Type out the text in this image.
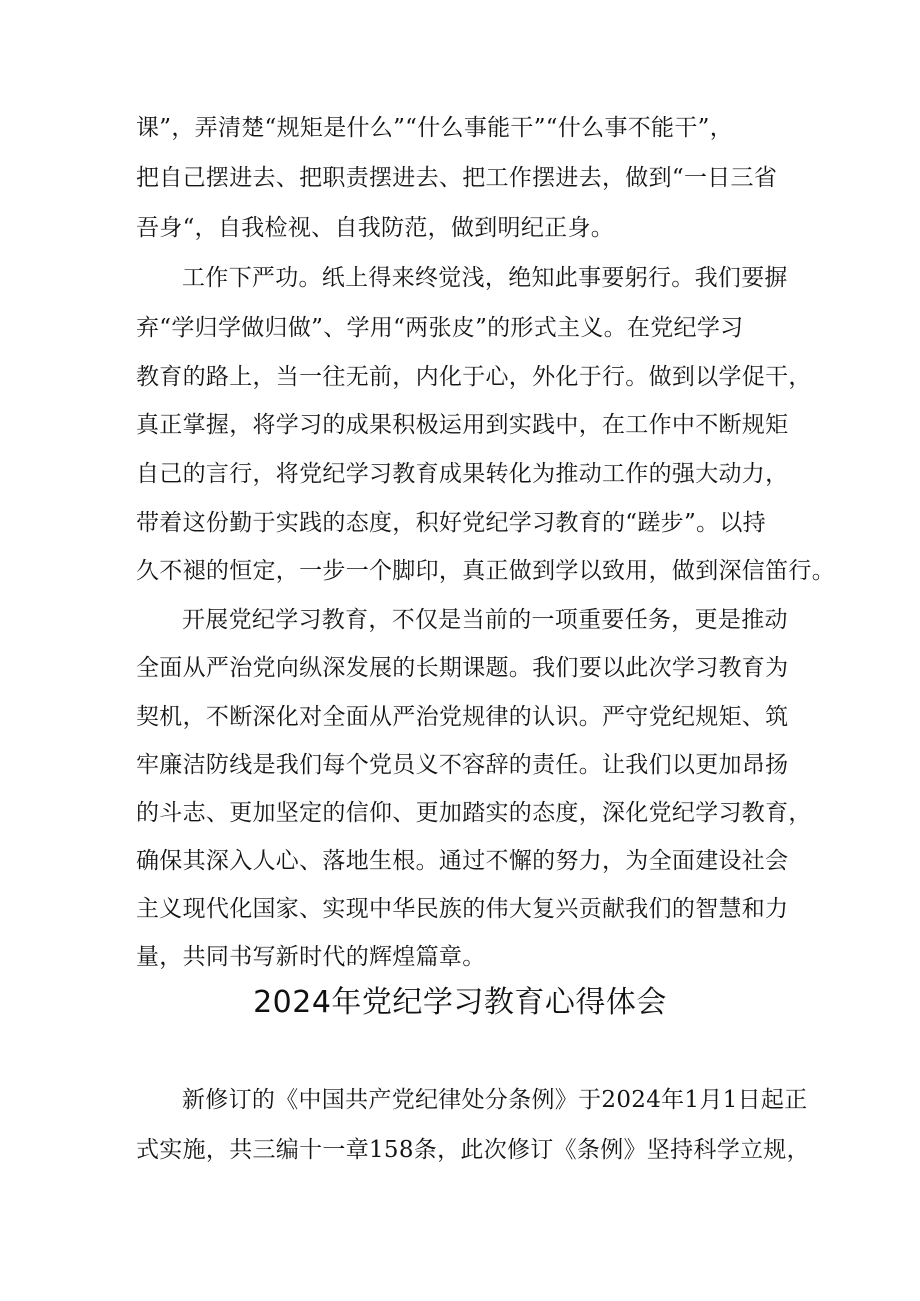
课”，弄清楚“规矩是什么”“什么事能干”“什么事不能干”，
把自己摆进去、把职责摆进去、把工作摆进去，做到“一日三省
吾身“，自我检视、自我防范，做到明纪正身。
工作下严功。纸上得来终觉浅，绝知此事要躬行。我们要摒
弃“学归学做归做”、学用“两张皮”的形式主义。在党纪学习
教育的路上，当一往无前，内化于心，外化于行。做到以学促干，
真正掌握，将学习的成果积极运用到实践中，在工作中不断规矩
自己的言行，将党纪学习教育成果转化为推动工作的强大动力，
带着这份勤于实践的态度，积好党纪学习教育的“蹉步”。以持
久不褪的恒定，一步一个脚印，真正做到学以致用，做到深信笛行。
开展党纪学习教育，不仅是当前的一项重要任务，更是推动
全面从严治党向纵深发展的长期课题。我们要以此次学习教育为
契机，不断深化对全面从严治党规律的认识。严守党纪规矩、筑
牢廉洁防线是我们每个党员义不容辞的责任。让我们以更加昂扬
的斗志、更加坚定的信仰、更加踏实的态度，深化党纪学习教育，
确保其深入人心、落地生根。通过不懈的努力，为全面建设社会
主义现代化国家、实现中华民族的伟大复兴贡献我们的智慧和力
量，共同书写新时代的辉煌篇章。
2024年党纪学习教育心得体会
新修订的《中国共产党纪律处分条例》于2024年1月1日起正
式实施，共三编十一章158条，此次修订《条例》坚持科学立规，
